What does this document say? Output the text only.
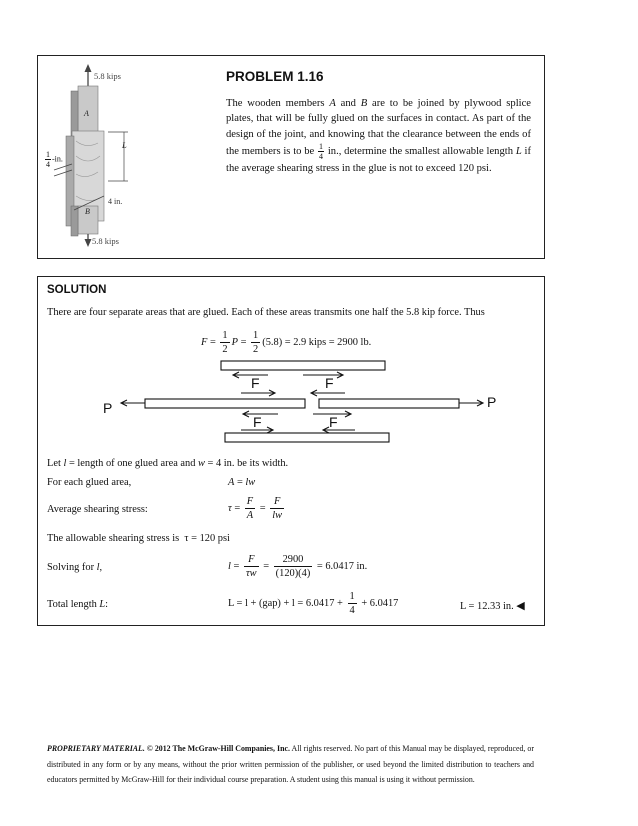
5.8 kips
A
B
L
4 in.
5.8 kips
$\frac{1}{4} -in$.
PROBLEM 1.16
The wooden members A and B are to be joined by plywood splice plates, that will be fully glued on the surfaces in contact. As part of the design of the joint, and knowing that the clearance between the ends of the members is to be $\frac{1}{4}$ in., determine the smallest allowable length L if the average shearing stress in the glue is not to exceed 120 psi.
SOLUTION
There are four separate areas that are glued. Each of these areas transmits one half the 5.8 kip force. Thus
$F = \frac{1}{2}$ $P = \frac{1}{2} (5.8) = 2.9$ kips = 2900 lb.
F	F
F	F
P	P
Let l = length of one glued area and w = 4 in. be its width.
For each glued area,	A = lw
Average shearing stress:	$\tau = \frac{F}{A} = \frac{F}{lw}$
The allowable shearing stress is τ = 120 psi
Solving for l,	$l = \frac{F}{\tau w} = \frac{2900}{(120)(4)} = 6.0417$ in.
Total length L:	$L = l + (gap) + l = 6.0417 + \frac{1}{4} + 6.0417$	L = 12.33 in. ◀
PROPRIETARY MATERIAL. © 2012 The McGraw-Hill Companies, Inc. All rights reserved. No part of this Manual may be displayed, reproduced, or distributed in any form or by any means, without the prior written permission of the publisher, or used beyond the limited distribution to teachers and educators permitted by McGraw-Hill for their individual course preparation. A student using this manual is using it without permission.
